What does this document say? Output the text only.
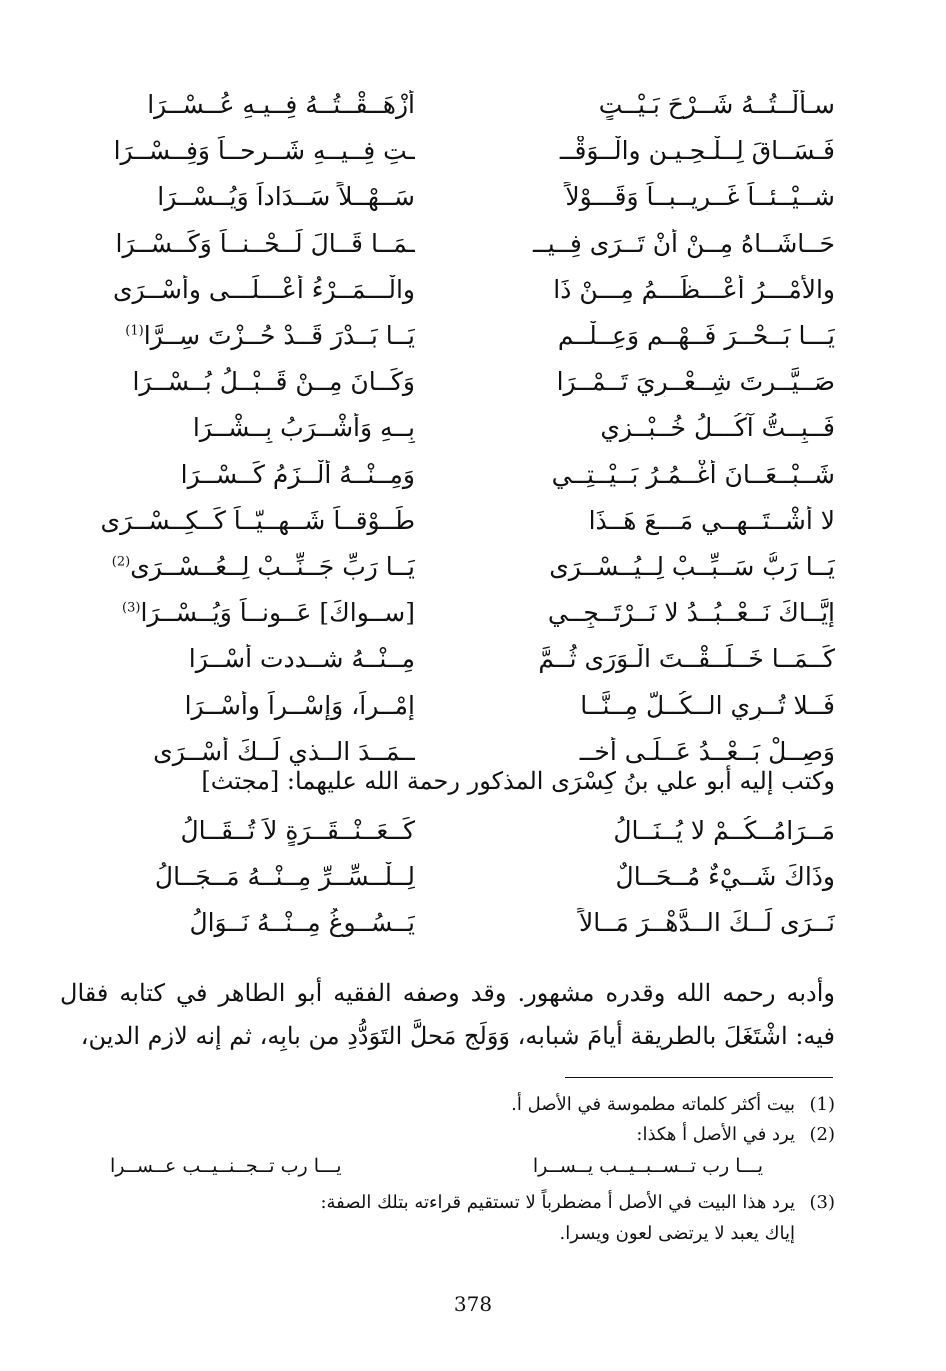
سـأَلْــتُــهُ شَــرْحَ بَـيْــتٍ
أَزْهَــقْــتُــهُ فِــيـهِ عُــسْــرَا
فَـسَــاقَ لِــلْـحِـيـنِ والْــوَقْــ
ـتِ فِــيــهِ شَــرحــاً وَفِــسْــرَا
شــيْــئــاً غَــرِيــبــاً وَقَـــوْلاً
سَــهْــلاً سَــدَاداً وَيُــسْــرَا
حَــاشَــاهُ مِــنْ أَنْ تَــرَى فِــيــ
ـمَــا قَــالَ لَــحْــنــاً وَكَــسْــرَا
والأَمْـــرُ أَعْـــظَـــمُ مِـــنْ ذَا
والْـــمَــرْءُ أَعْـــلَـــى وأَسْــرَى
يَـــا بَــحْــرَ فَــهْــمٍ وَعِــلْــمٍ
يَــا بَــدْرَ قَــدْ حُــزْتَ سِــرَّا$^{(1)}$
صَــيَّــرتَ شِــعْــرِيَ تَــمْــرَا
وَكَــانَ مِــنْ قَــبْــلُ بُــسْــرَا
فَــبِــتُّ آكُـــلُ خُــبْــزِي
بِــهِ وَأَشْــرَبُ بِــشْــرَا
شَــبْــعَــانَ أَغْــمُـرُ بَــيْــتِــي
وَمِــنْــهُ أَلْــزَمُ كَــسْــرَا
لا أَشْــتَــهِــي مَـــعَ هَــذَا
طَــوْقــاً شَــهِــيّــاً كَــكِــسْــرَى
يَــا رَبُّ سَــبِّــبْ لِــيُــسْــرَى
يَــا رَبِّ جَــنِّــبْ لِــعُــسْــرَى$^{(2)}$
إِيَّــاكَ نَــعْــبُــدُ لا نَــرْتَــجِــي
[ســواكَ] عَــونــاً وَيُــسْــرَا$^{(3)}$
كَــمَــا خَــلَــقْــتَ الْـوَرَى ثُــمَّ
مِــنْــهُ شــددت أَسْــرَا
فَــلا تُــرِي الــكُــلَّ مِــنَّــا
إِمْــراً، وَإِسْــراً وأَسْــرَا
وَصِــلْ بَــعْــدُ عَــلَـى أَخــ
ــمَــدَ الــذي لَــكَ أَسْــرَى
وكتب إليه أبو علي بنُ كِسْرَى المذكور رحمة الله عليهما: [مجتث]
مَــرَامُــكُــمْ لا يُــنَــالُ
كَــعَــنْــقَــرَةٍ لاَ تُــقَــالُ
وذَاكَ شَــيْءٌ مُــحَــالٌ
لِــلْــسِّــرِّ مِــنْــهُ مَــجَــالُ
نَــرَى لَــكَ الــدَّهْــرَ مَــالاً
يَــسُــوغُ مِــنْــهُ نَــوَالُ

وأدبه رحمه الله وقدره مشهور. وقد وصفه الفقيه أبو الطاهر في كتابه فقال فيه: اشْتَغَلَ بالطريقة أيامَ شبابه، وَوَلَج مَحلَّ التَوَدُّدِ من بابِه، ثم إنه لازم الدين،

(1)
بيت أكثر كلماته مطموسة في الأصل أ.
(2)
يرد في الأصل أ هكذا:
يـــا رب تــســبــيــب يــســرا
يـــا رب تــجــنــيــب عــســرا
(3)
يرد هذا البيت في الأصل أ مضطرباً لا تستقيم قراءته بتلك الصفة:
إياك يعبد لا يرتضى لعون ويسرا.
378
